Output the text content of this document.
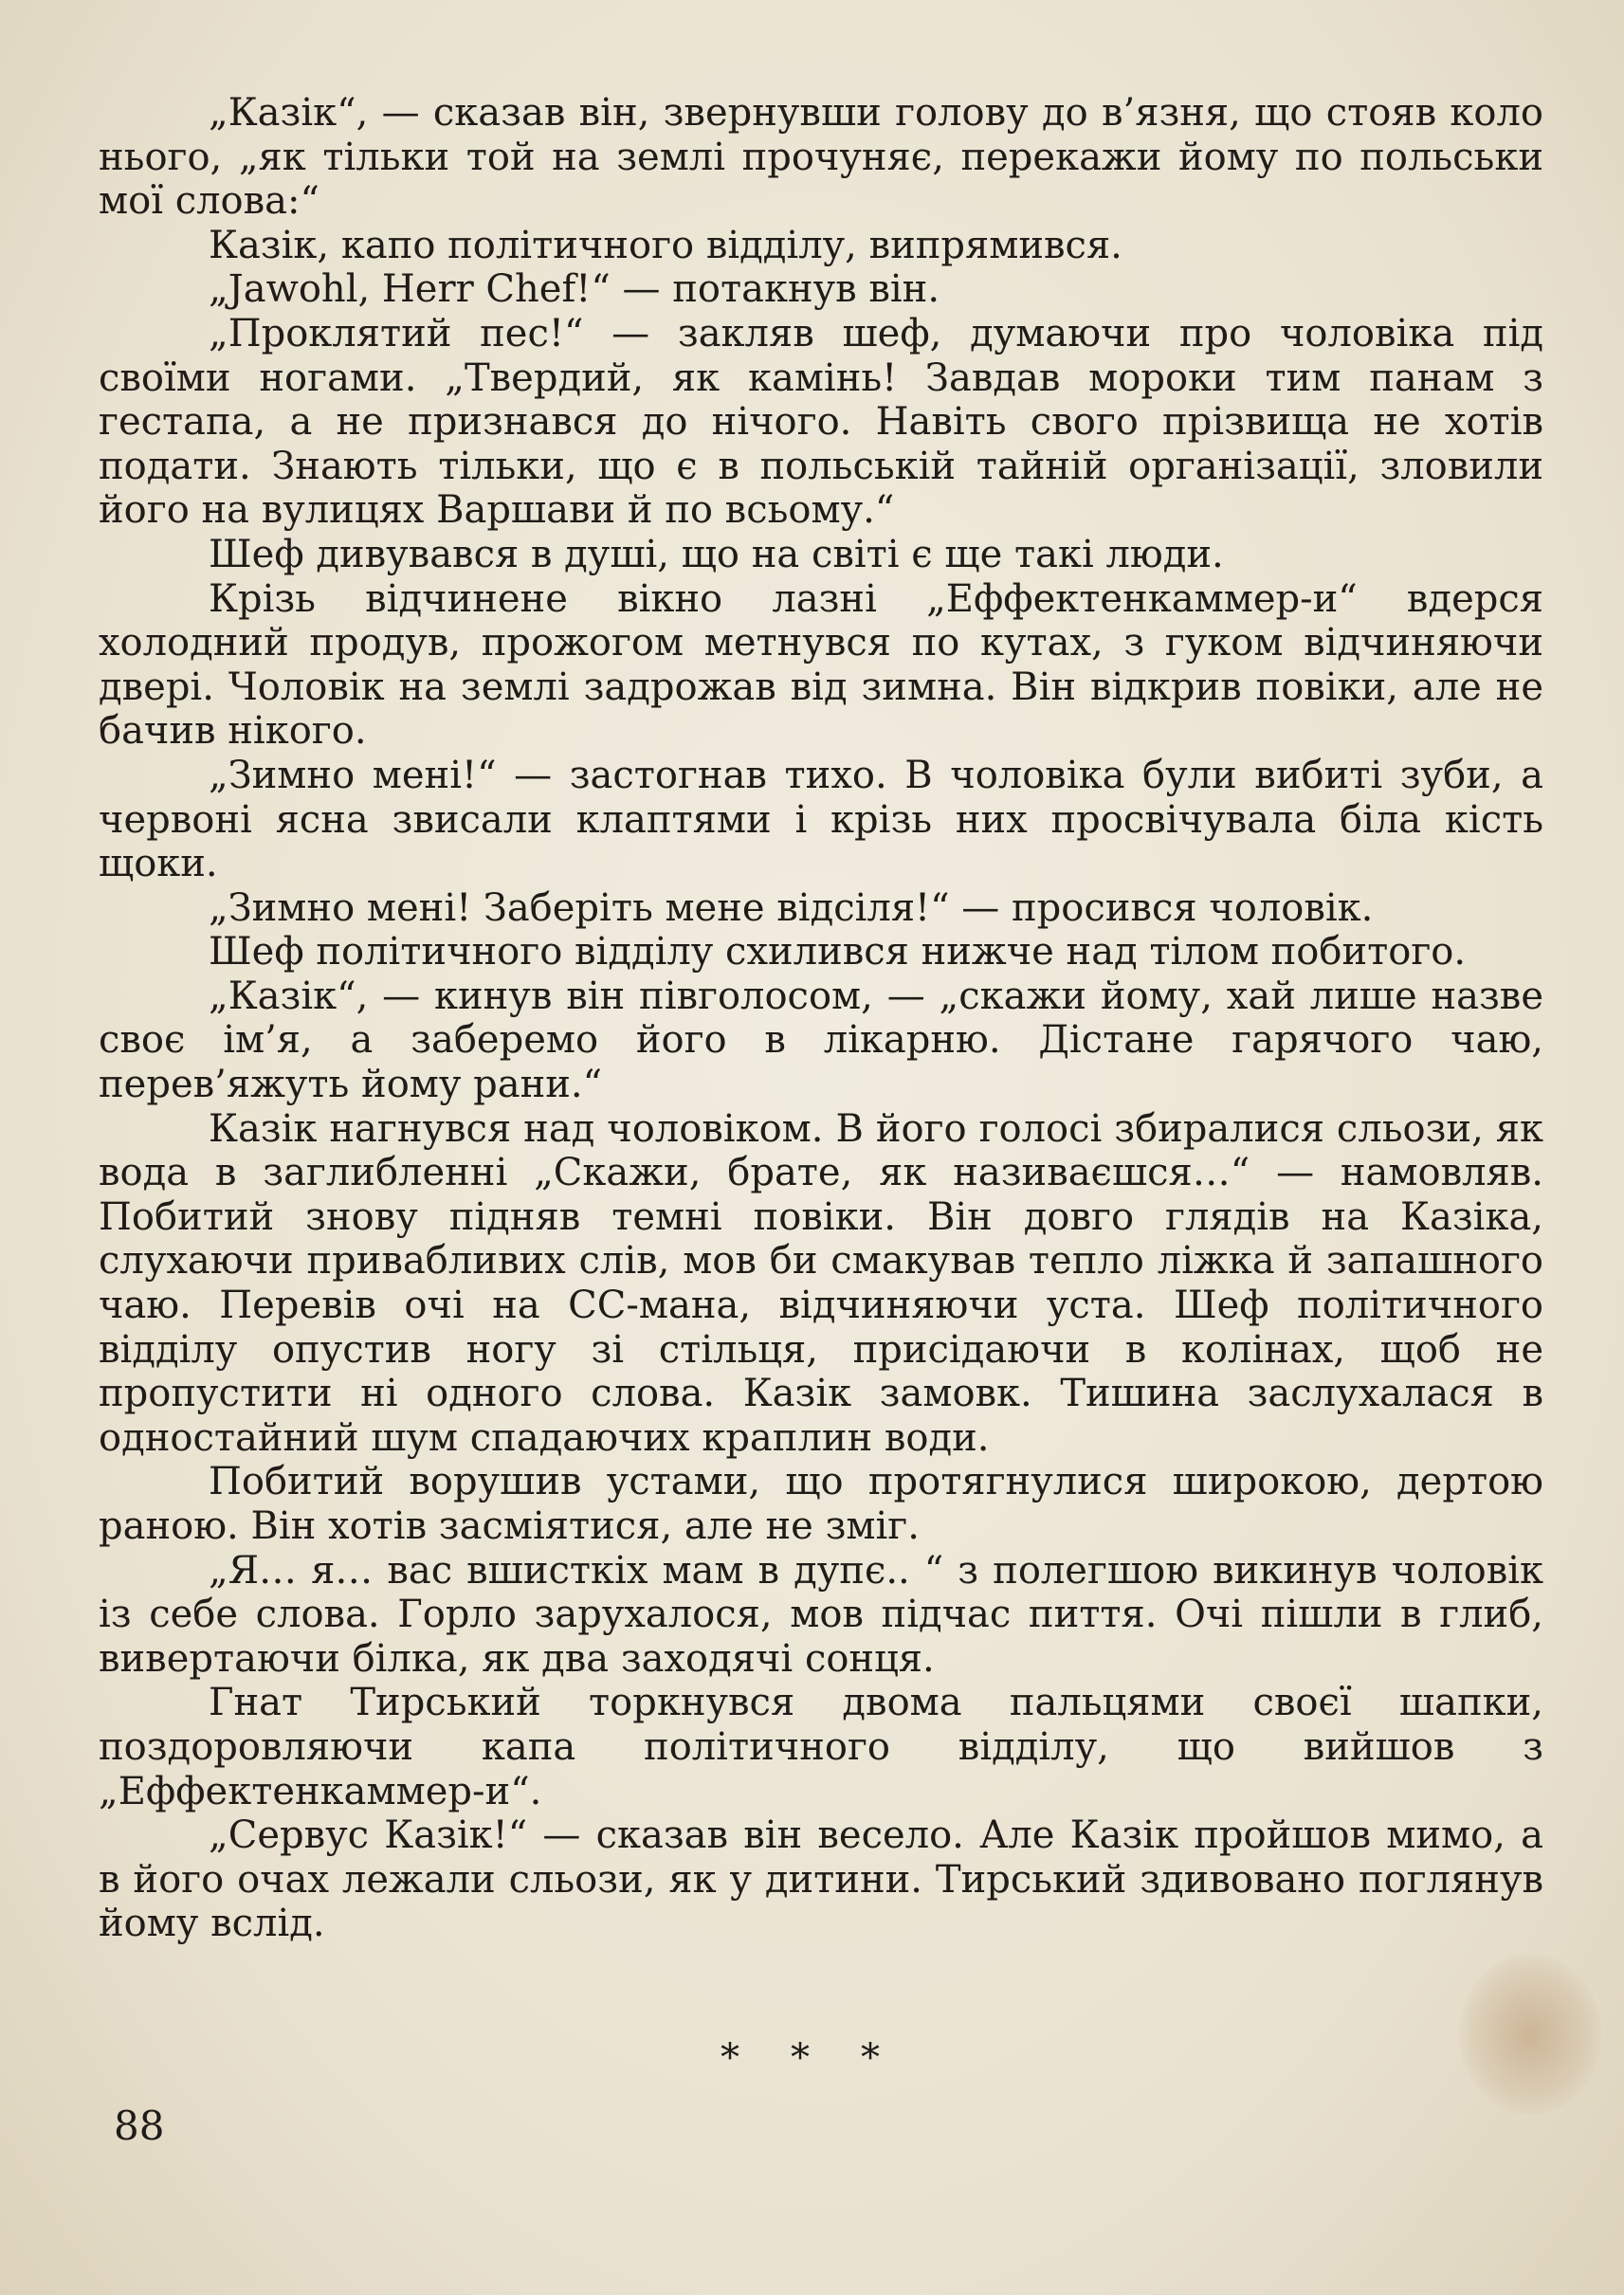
„Казік“, — сказав він, звернувши голову до в’язня, що стояв коло нього, „як тільки той на землі прочуняє, перекажи йому по польськи мої слова:“

Казік, капо політичного відділу, випрямився.

„Jawohl, Herr Chef!“ — потакнув він.

„Проклятий пес!“ — закляв шеф, думаючи про чоловіка під своїми ногами. „Твердий, як камінь! Завдав мороки тим панам з гестапа, а не признався до нічого. Навіть свого прізвища не хотів подати. Знають тільки, що є в польській тайній організації, зловили його на вулицях Варшави й по всьому.“

Шеф дивувався в душі, що на світі є ще такі люди.

Крізь відчинене вікно лазні „Еффектенкаммер-и“ вдерся холодний продув, прожогом метнувся по кутах, з гуком відчиняючи двері. Чоловік на землі задрожав від зимна. Він відкрив повіки, але не бачив нікого.

„Зимно мені!“ — застогнав тихо. В чоловіка були вибиті зуби, а червоні ясна звисали клаптями і крізь них просвічувала біла кість щоки.

„Зимно мені! Заберіть мене відсіля!“ — просився чоловік.

Шеф політичного відділу схилився нижче над тілом побитого.

„Казік“, — кинув він півголосом, — „скажи йому, хай лише назве своє ім’я, а заберемо його в лікарню. Дістане гарячого чаю, перев’яжуть йому рани.“

Казік нагнувся над чоловіком. В його голосі збиралися сльози, як вода в заглибленні „Скажи, брате, як називаєшся…“ — намовляв. Побитий знову підняв темні повіки. Він довго глядів на Казіка, слухаючи привабливих слів, мов би смакував тепло ліжка й запашного чаю. Перевів очі на СС-мана, відчиняючи уста. Шеф політичного відділу опустив ногу зі стільця, присідаючи в колінах, щоб не пропустити ні одного слова. Казік замовк. Тишина заслухалася в одностайний шум спадаючих краплин води.

Побитий ворушив устами, що протягнулися широкою, дертою раною. Він хотів засміятися, але не зміг.

„Я… я… вас вшисткіх мам в дупє.. “ з полегшою викинув чоловік із себе слова. Горло зарухалося, мов підчас пиття. Очі пішли в глиб, вивертаючи білка, як два заходячі сонця.

Гнат Тирський торкнувся двома пальцями своєї шапки, поздоровляючи капа політичного відділу, що вийшов з „Еффектенкаммер-и“.

„Сервус Казік!“ — сказав він весело. Але Казік пройшов мимо, а в його очах лежали сльози, як у дитини. Тирський здивовано поглянув йому вслід.

***
88
